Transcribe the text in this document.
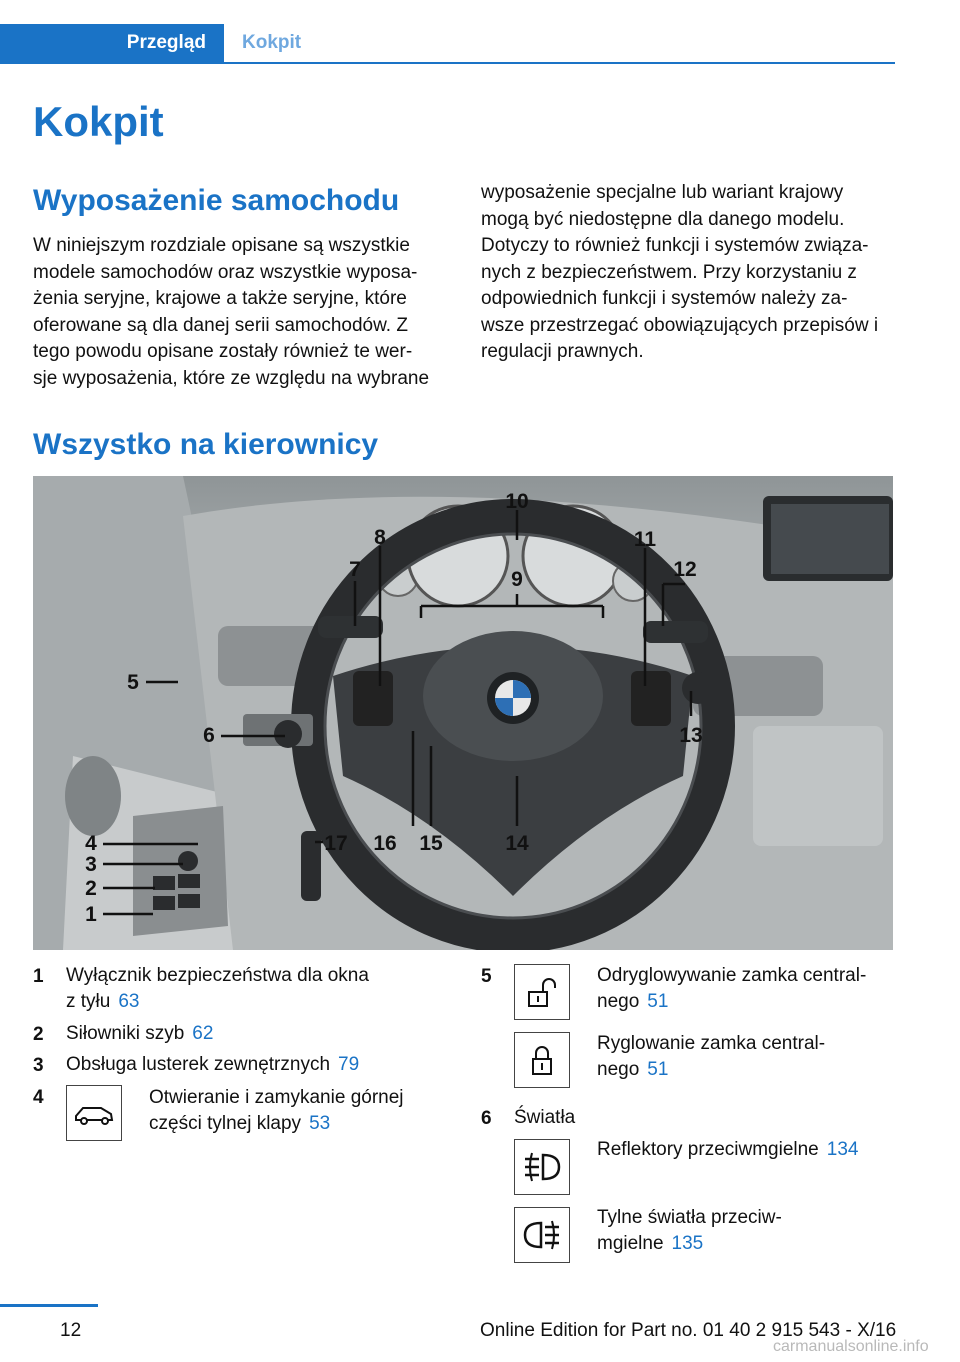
Przegląd Kokpit
Kokpit
Wyposażenie samochodu
W niniejszym rozdziale opisane są wszystkie
modele samochodów oraz wszystkie wyposa‐
żenia seryjne, krajowe a także seryjne, które
oferowane są dla danej serii samochodów. Z
tego powodu opisane zostały również te wer‐
sje wyposażenia, które ze względu na wybrane
wyposażenie specjalne lub wariant krajowy
mogą być niedostępne dla danego modelu.
Dotyczy to również funkcji i systemów związa‐
nych z bezpieczeństwem. Przy korzystaniu z
odpowiednich funkcji i systemów należy za‐
wsze przestrzegać obowiązujących przepisów i
regulacji prawnych.
Wszystko na kierownicy
10
9
8
7
11
12
5
6	13
14
15
16
17
4
3
2
1
1 Wyłącznik bezpieczeństwa dla okna
z tyłu 63
2 Siłowniki szyb 62
3 Obsługa lusterek zewnętrznych 79
4	Otwieranie i zamykanie górnej
części tylnej klapy 53
5	Odryglowywanie zamka central‐
nego 51
Ryglowanie zamka central‐
nego 51
6 Światła
Reflektory przeciwmgielne 134
Tylne światła przeciw‐
mgielne 135
12	Online Edition for Part no. 01 40 2 915 543 - X/16
carmanualsonline.info
